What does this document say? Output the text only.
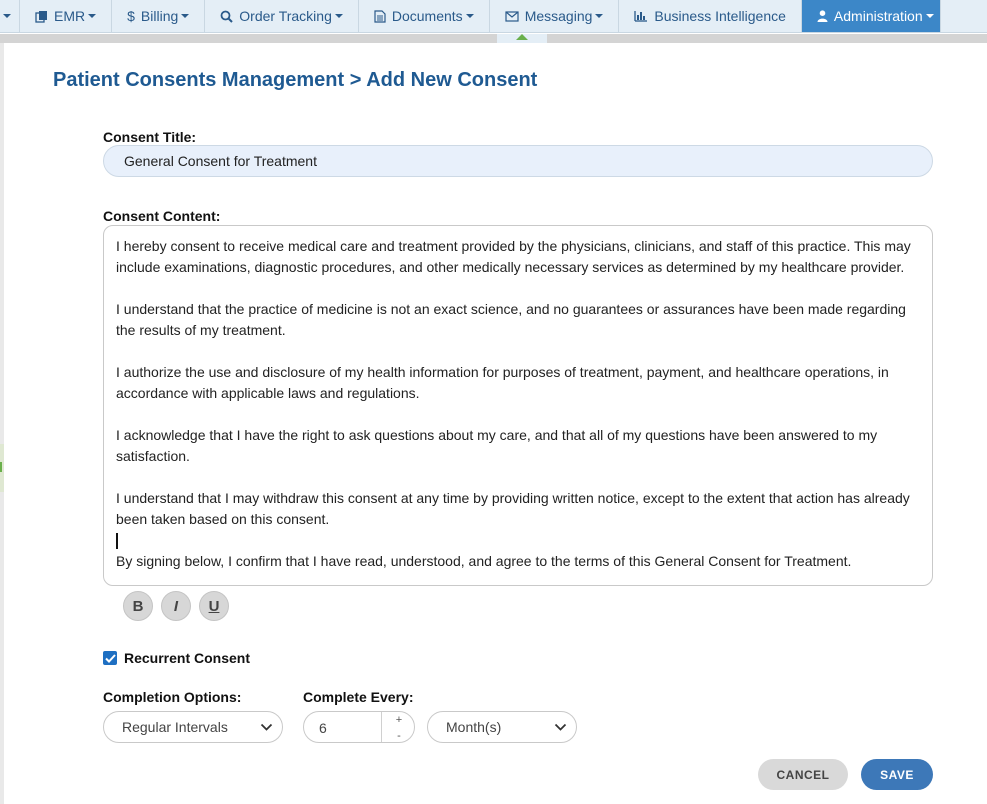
EMR	$ Billing	Order Tracking	Documents	Messaging	Business Intelligence	Administration
Patient Consents Management > Add New Consent
Consent Title:
General Consent for Treatment
Consent Content:

I hereby consent to receive medical care and treatment provided by the physicians, clinicians, and staff of this practice. This may include examinations, diagnostic procedures, and other medically necessary services as determined by my healthcare provider.

I understand that the practice of medicine is not an exact science, and no guarantees or assurances have been made regarding the results of my treatment.

I authorize the use and disclosure of my health information for purposes of treatment, payment, and healthcare operations, in accordance with applicable laws and regulations.

I acknowledge that I have the right to ask questions about my care, and that all of my questions have been answered to my satisfaction.

I understand that I may withdraw this consent at any time by providing written notice, except to the extent that action has already been taken based on this consent.

By signing below, I confirm that I have read, understood, and agree to the terms of this General Consent for Treatment.

B	I	U
Recurrent Consent
Completion Options:
Regular Intervals
Complete Every:
6	+
-
Month(s)
CANCEL	SAVE
